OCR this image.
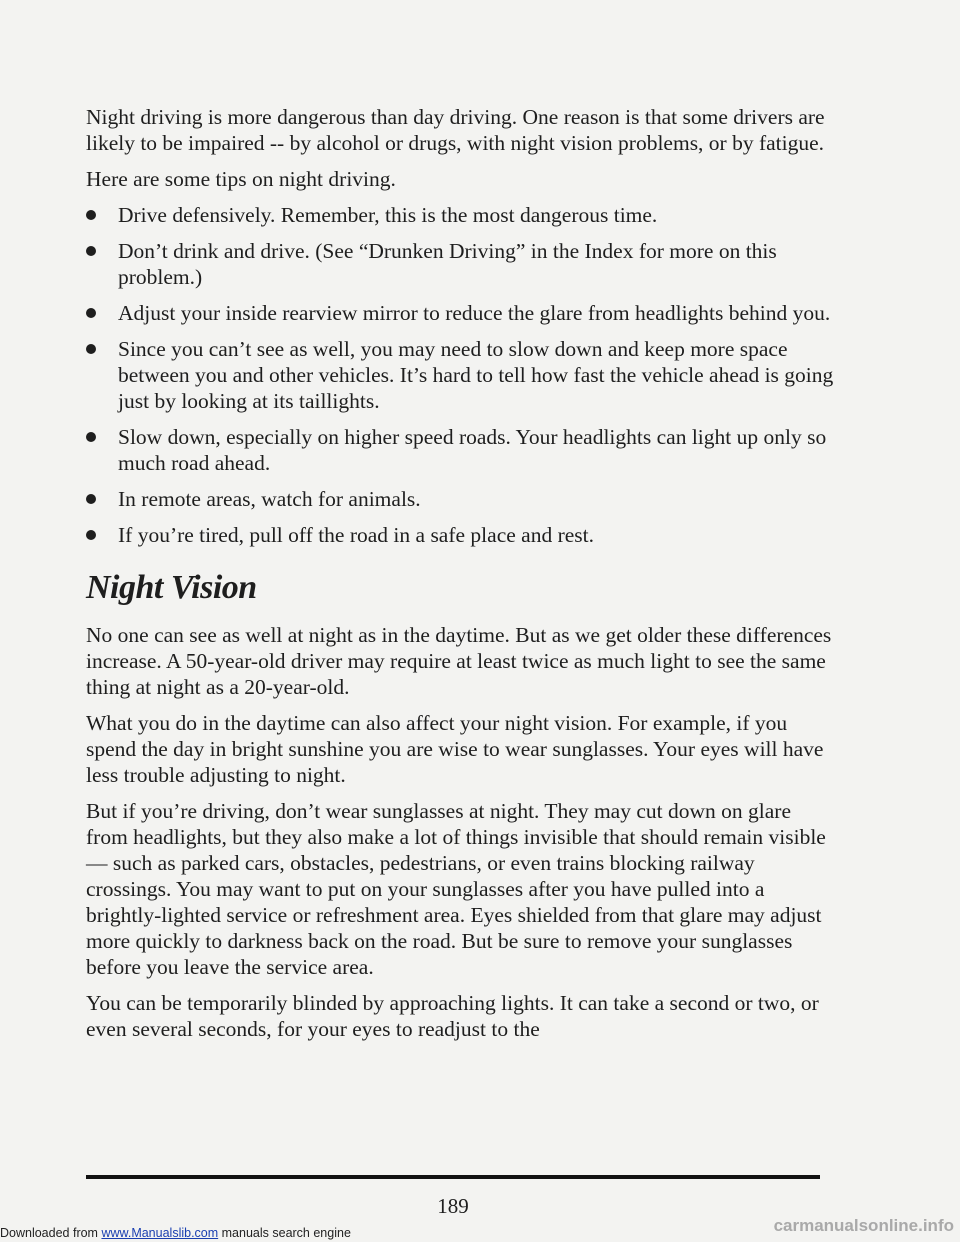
Night driving is more dangerous than day driving. One reason is that some drivers are likely to be impaired -- by alcohol or drugs, with night vision problems, or by fatigue.

Here are some tips on night driving.

Drive defensively. Remember, this is the most dangerous time.
Don’t drink and drive. (See “Drunken Driving” in the Index for more on this problem.)
Adjust your inside rearview mirror to reduce the glare from headlights behind you.
Since you can’t see as well, you may need to slow down and keep more space between you and other vehicles. It’s hard to tell how fast the vehicle ahead is going just by looking at its taillights.
Slow down, especially on higher speed roads. Your headlights can light up only so much road ahead.
In remote areas, watch for animals.
If you’re tired, pull off the road in a safe place and rest.
Night Vision

No one can see as well at night as in the daytime. But as we get older these differences increase. A 50-year-old driver may require at least twice as much light to see the same thing at night as a 20-year-old.

What you do in the daytime can also affect your night vision. For example, if you spend the day in bright sunshine you are wise to wear sunglasses. Your eyes will have less trouble adjusting to night.

But if you’re driving, don’t wear sunglasses at night. They may cut down on glare from headlights, but they also make a lot of things invisible that should remain visible — such as parked cars, obstacles, pedestrians, or even trains blocking railway crossings. You may want to put on your sunglasses after you have pulled into a brightly-lighted service or refreshment area. Eyes shielded from that glare may adjust more quickly to darkness back on the road. But be sure to remove your sunglasses before you leave the service area.

You can be temporarily blinded by approaching lights. It can take a second or two, or even several seconds, for your eyes to readjust to the

189
Downloaded from www.Manualslib.com manuals search engine	carmanualsonline.info
